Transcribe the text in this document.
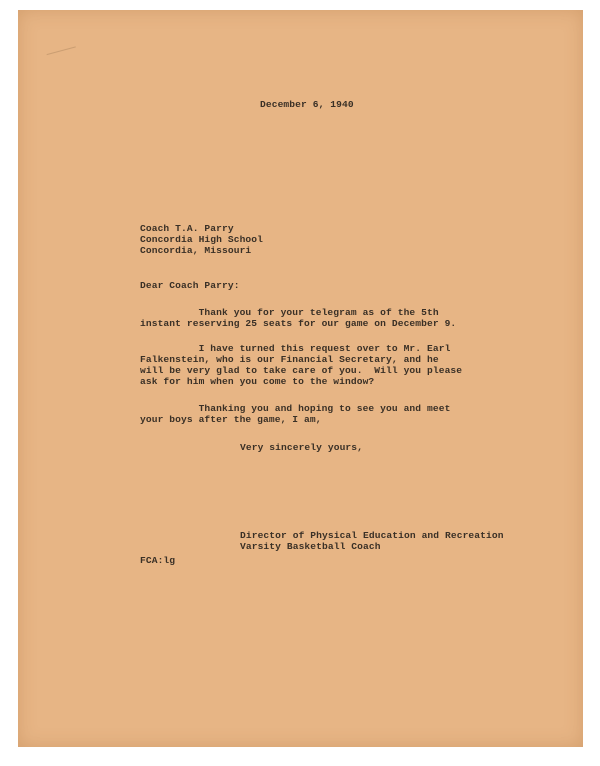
December 6, 1940
Coach T.A. Parry
Concordia High School
Concordia, Missouri
Dear Coach Parry:
Thank you for your telegram as of the 5th
instant reserving 25 seats for our game on December 9.
I have turned this request over to Mr. Earl
Falkenstein, who is our Financial Secretary, and he
will be very glad to take care of you.  Will you please
ask for him when you come to the window?
Thanking you and hoping to see you and meet
your boys after the game, I am,
Very sincerely yours,
Director of Physical Education and Recreation
Varsity Basketball Coach
FCA:lg
